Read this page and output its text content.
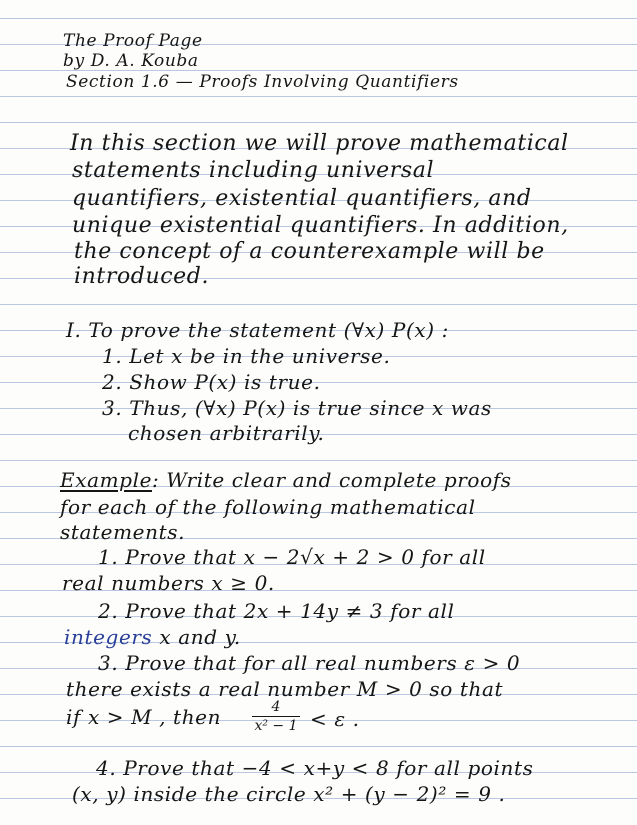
The Proof Page
by D. A. Kouba
Section 1.6 — Proofs Involving Quantifiers
In this section we will prove mathematical
statements including universal
quantifiers, existential quantifiers, and
unique existential quantifiers. In addition,
the concept of a counterexample will be
introduced.
I. To prove the statement (∀x) P(x) :
1. Let x be in the universe.
2. Show P(x) is true.
3. Thus, (∀x) P(x) is true since x was
chosen arbitrarily.
Example: Write clear and complete proofs
for each of the following mathematical
statements.
1. Prove that x − 2√x + 2 > 0 for all
real numbers x ≥ 0.
2. Prove that 2x + 14y ≠ 3 for all
integers x and y.
3. Prove that for all real numbers ε > 0
there exists a real number M > 0 so that
if x > M , then	4
x² − 1 < ε .
4. Prove that −4 < x+y < 8 for all points
(x, y) inside the circle x² + (y − 2)² = 9 .
